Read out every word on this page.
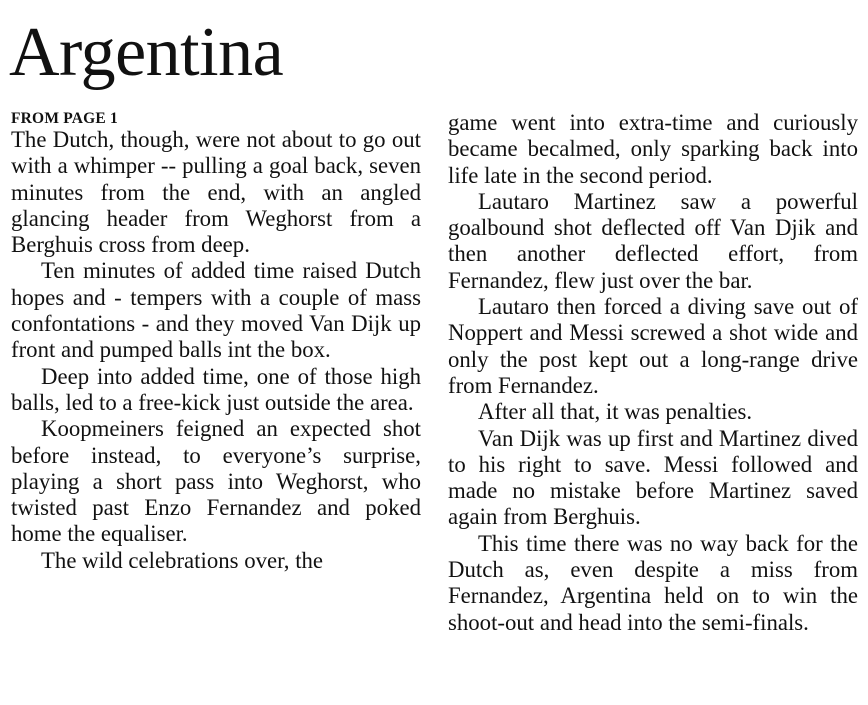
Argentina
FROM PAGE 1

The Dutch, though, were not about to go out with a whimper -- pulling a goal back, seven minutes from the end, with an angled glancing header from Weghorst from a Berghuis cross from deep.

Ten minutes of added time raised Dutch hopes and - tempers with a couple of mass confontations - and they moved Van Dijk up front and pumped balls int the box.

Deep into added time, one of those high balls, led to a free-kick just outside the area.

Koopmeiners feigned an expected shot before instead, to everyone’s surprise, playing a short pass into Weghorst, who twisted past Enzo Fernandez and poked home the equaliser.

The wild celebrations over, the

game went into extra-time and curiously became becalmed, only sparking back into life late in the second period.

Lautaro Martinez saw a powerful goalbound shot deflected off Van Djik and then another deflected effort, from Fernandez, flew just over the bar.

Lautaro then forced a diving save out of Noppert and Messi screwed a shot wide and only the post kept out a long-range drive from Fernandez.

After all that, it was penalties.

Van Dijk was up first and Martinez dived to his right to save. Messi followed and made no mistake before Martinez saved again from Berghuis.

This time there was no way back for the Dutch as, even despite a miss from Fernandez, Argentina held on to win the shoot-out and head into the semi-finals.
